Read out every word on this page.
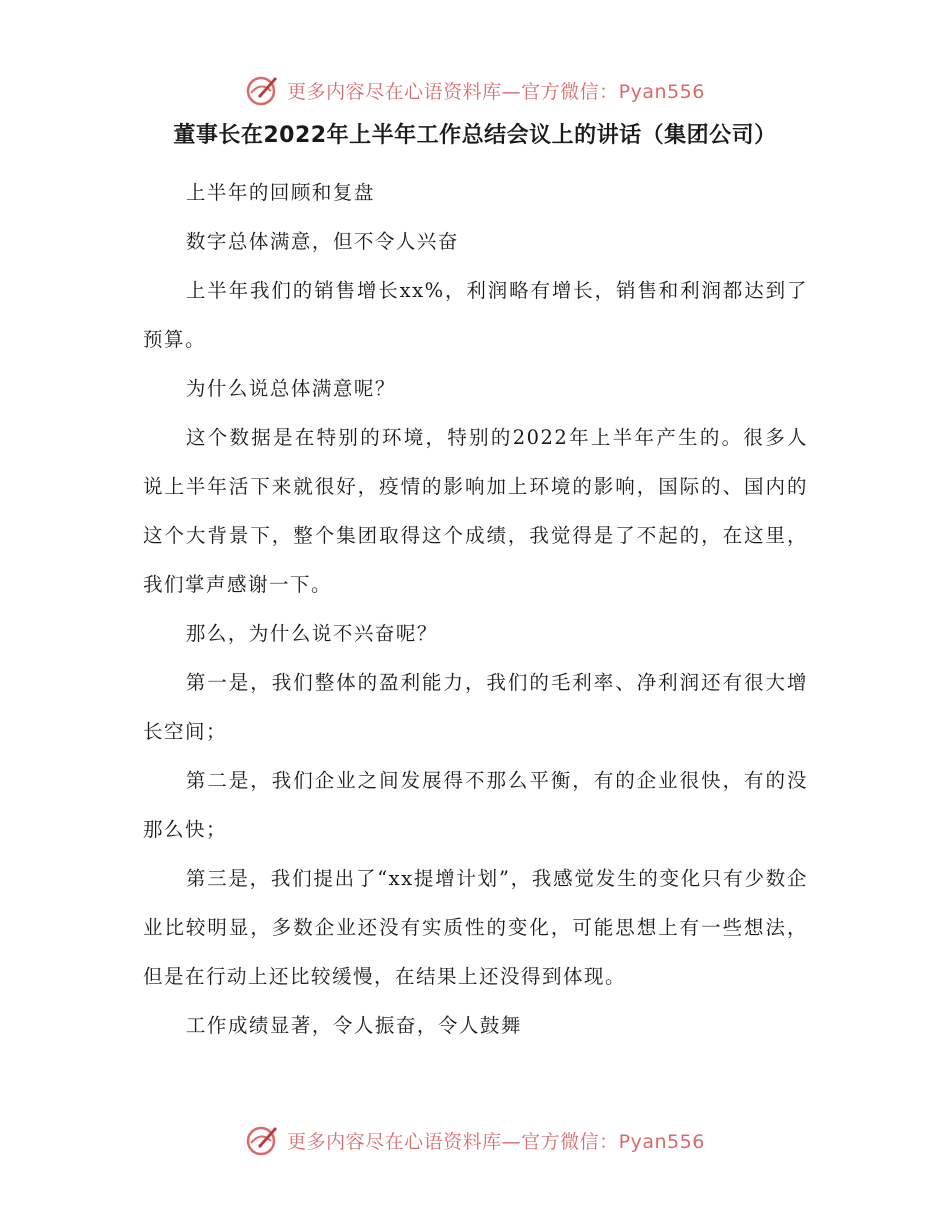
更多内容尽在心语资料库—官方微信：Pyan556
董事长在2022年上半年工作总结会议上的讲话（集团公司）

上半年的回顾和复盘

数字总体满意，但不令人兴奋

上半年我们的销售增长xx%，利润略有增长，销售和利润都达到了预算。

为什么说总体满意呢？

这个数据是在特别的环境，特别的2022年上半年产生的。很多人说上半年活下来就很好，疫情的影响加上环境的影响，国际的、国内的这个大背景下，整个集团取得这个成绩，我觉得是了不起的，在这里，我们掌声感谢一下。

那么，为什么说不兴奋呢？

第一是，我们整体的盈利能力，我们的毛利率、净利润还有很大增长空间；

第二是，我们企业之间发展得不那么平衡，有的企业很快，有的没那么快；

第三是，我们提出了“xx提增计划”，我感觉发生的变化只有少数企业比较明显，多数企业还没有实质性的变化，可能思想上有一些想法，但是在行动上还比较缓慢，在结果上还没得到体现。

工作成绩显著，令人振奋，令人鼓舞

更多内容尽在心语资料库—官方微信：Pyan556
